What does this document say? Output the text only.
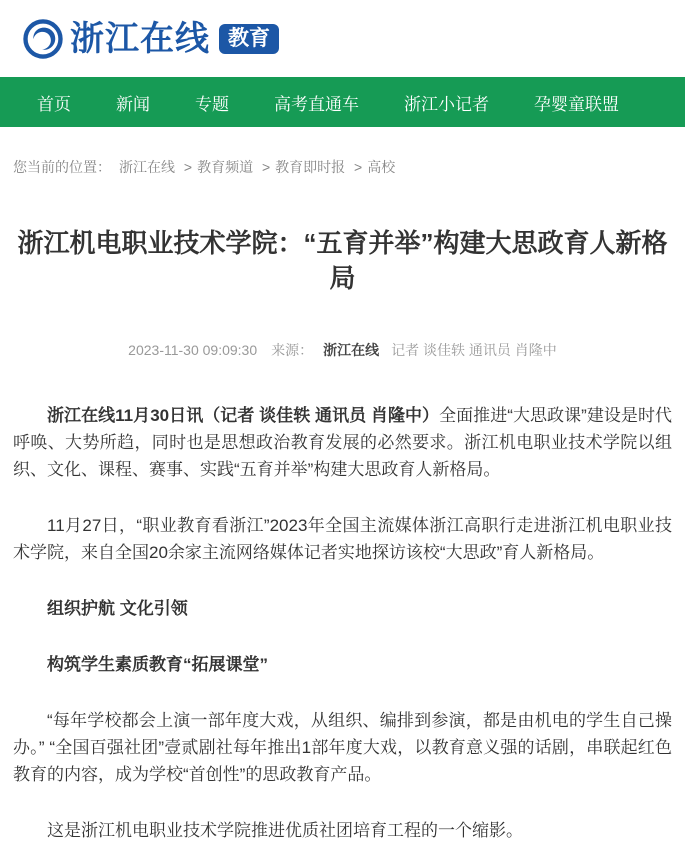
浙江在线 教育
首页	新闻	专题	高考直通车	浙江小记者	孕婴童联盟
您当前的位置： 浙江在线 > 教育频道 > 教育即时报 > 高校
浙江机电职业技术学院：“五育并举”构建大思政育人新格局
2023-11-30 09:09:30 来源： 浙江在线 记者 谈佳轶 通讯员 肖隆中

浙江在线11月30日讯（记者 谈佳轶 通讯员 肖隆中）全面推进“大思政课”建设是时代呼唤、大势所趋，同时也是思想政治教育发展的必然要求。浙江机电职业技术学院以组织、文化、课程、赛事、实践“五育并举”构建大思政育人新格局。

11月27日，“职业教育看浙江”2023年全国主流媒体浙江高职行走进浙江机电职业技术学院，来自全国20余家主流网络媒体记者实地探访该校“大思政”育人新格局。

组织护航 文化引领

构筑学生素质教育“拓展课堂”

“每年学校都会上演一部年度大戏，从组织、编排到参演，都是由机电的学生自己操办。” “全国百强社团”壹贰剧社每年推出1部年度大戏，以教育意义强的话剧，串联起红色教育的内容，成为学校“首创性”的思政教育产品。

这是浙江机电职业技术学院推进优质社团培育工程的一个缩影。
